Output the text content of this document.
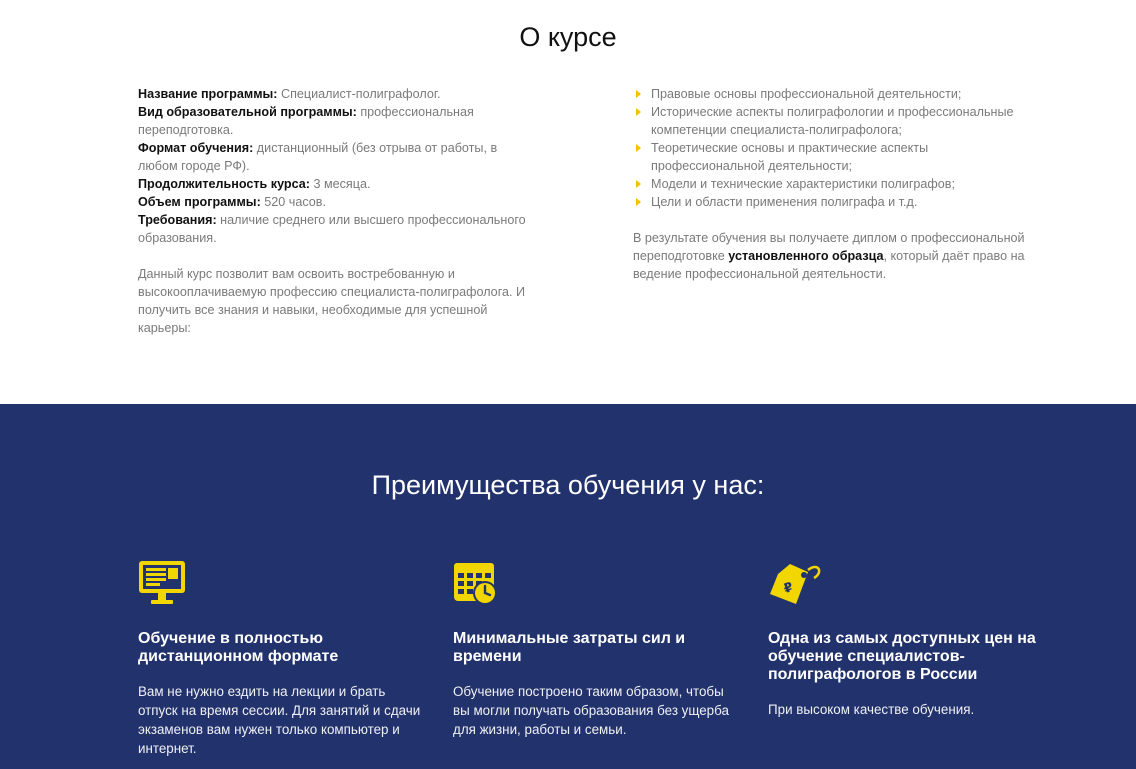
О курсе
Название программы: Специалист-полиграфолог.
Вид образовательной программы: профессиональная переподготовка.
Формат обучения: дистанционный (без отрыва от работы, в любом городе РФ).
Продолжительность курса: 3 месяца.
Объем программы: 520 часов.
Требования: наличие среднего или высшего профессионального образования.
Данный курс позволит вам освоить востребованную и высокооплачиваемую профессию специалиста-полиграфолога. И получить все знания и навыки, необходимые для успешной карьеры:
Правовые основы профессиональной деятельности;
Исторические аспекты полиграфологии и профессиональные компетенции специалиста-полиграфолога;
Теоретические основы и практические аспекты профессиональной деятельности;
Модели и технические характеристики полиграфов;
Цели и области применения полиграфа и т.д.
В результате обучения вы получаете диплом о профессиональной переподготовке установленного образца, который даёт право на ведение профессиональной деятельности.
Преимущества обучения у нас:
Обучение в полностью дистанционном формате

Вам не нужно ездить на лекции и брать отпуск на время сессии. Для занятий и сдачи экзаменов вам нужен только компьютер и интернет.

Минимальные затраты сил и времени

Обучение построено таким образом, чтобы вы могли получать образования без ущерба для жизни, работы и семьи.

₽
Одна из самых доступных цен на обучение специалистов-полиграфологов в России

При высоком качестве обучения.
